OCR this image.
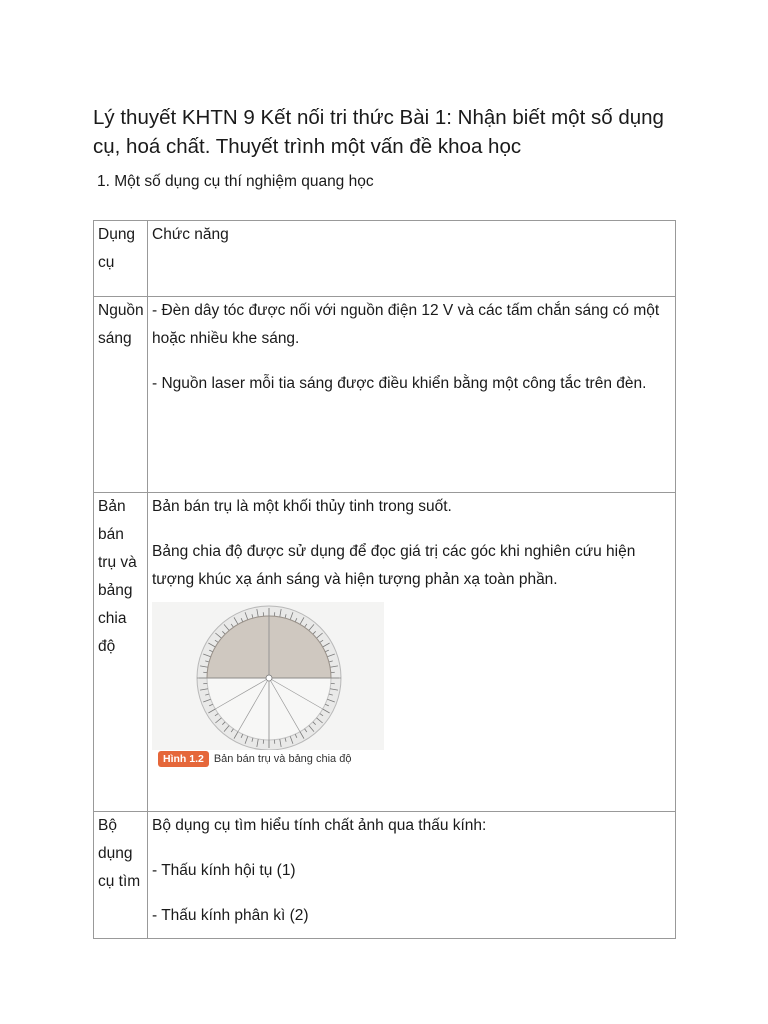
Lý thuyết KHTN 9 Kết nối tri thức Bài 1: Nhận biết một số dụng cụ, hoá chất. Thuyết trình một vấn đề khoa học
1. Một số dụng cụ thí nghiệm quang học
Dụng cụ	Chức năng
Nguồn sáng	- Đèn dây tóc được nối với nguồn điện 12 V và các tấm chắn sáng có một hoặc nhiều khe sáng.

- Nguồn laser mỗi tia sáng được điều khiển bằng một công tắc trên đèn.

Bản bán trụ và bảng chia độ	Bản bán trụ là một khối thủy tinh trong suốt.

Bảng chia độ được sử dụng để đọc giá trị các góc khi nghiên cứu hiện tượng khúc xạ ánh sáng và hiện tượng phản xạ toàn phần.

Hình 1.2 Bản bán trụ và bảng chia độ

Bộ dụng cụ tìm	Bộ dụng cụ tìm hiểu tính chất ảnh qua thấu kính:

- Thấu kính hội tụ (1)

- Thấu kính phân kì (2)
